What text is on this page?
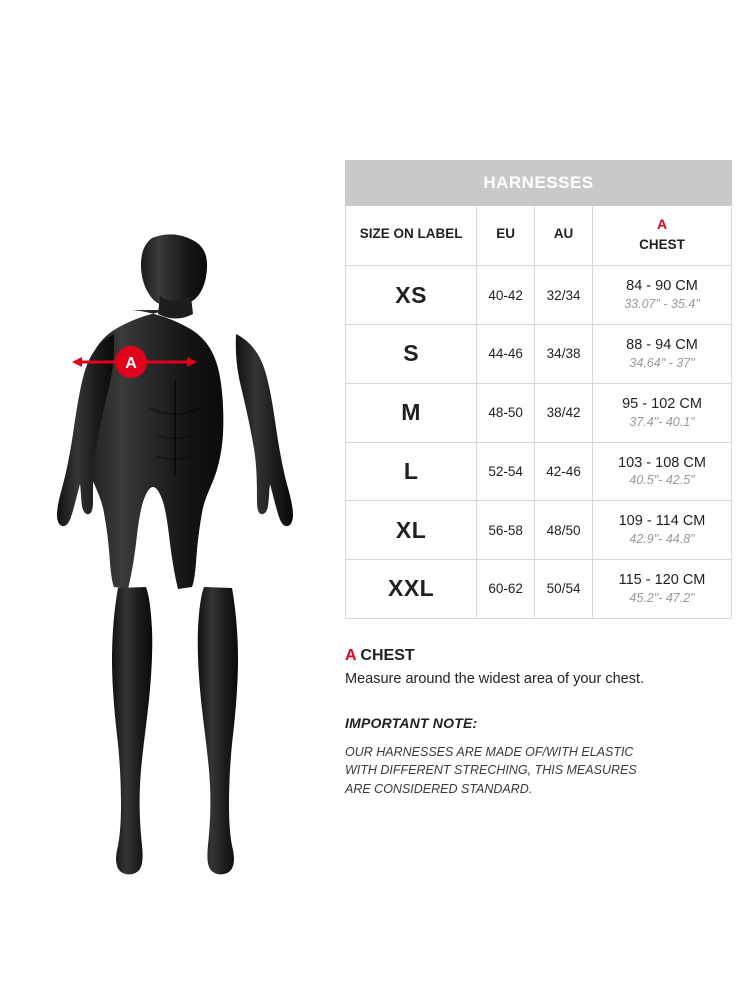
A
HARNESSES
SIZE ON LABEL	EU	AU	A
CHEST
XS	40-42	32/34	84 - 90 CM
33.07" - 35.4"

S	44-46	34/38	88 - 94 CM
34.64" - 37"

M	48-50	38/42	95 - 102 CM
37.4"- 40.1"

L	52-54	42-46	103 - 108 CM
40.5"- 42.5"

XL	56-58	48/50	109 - 114 CM
42.9"- 44.8"

XXL	60-62	50/54	115 - 120 CM
45.2"- 47.2"
A CHEST
Measure around the widest area of your chest.
IMPORTANT NOTE:
OUR HARNESSES ARE MADE OF/WITH ELASTIC WITH DIFFERENT STRECHING, THIS MEASURES ARE CONSIDERED STANDARD.
